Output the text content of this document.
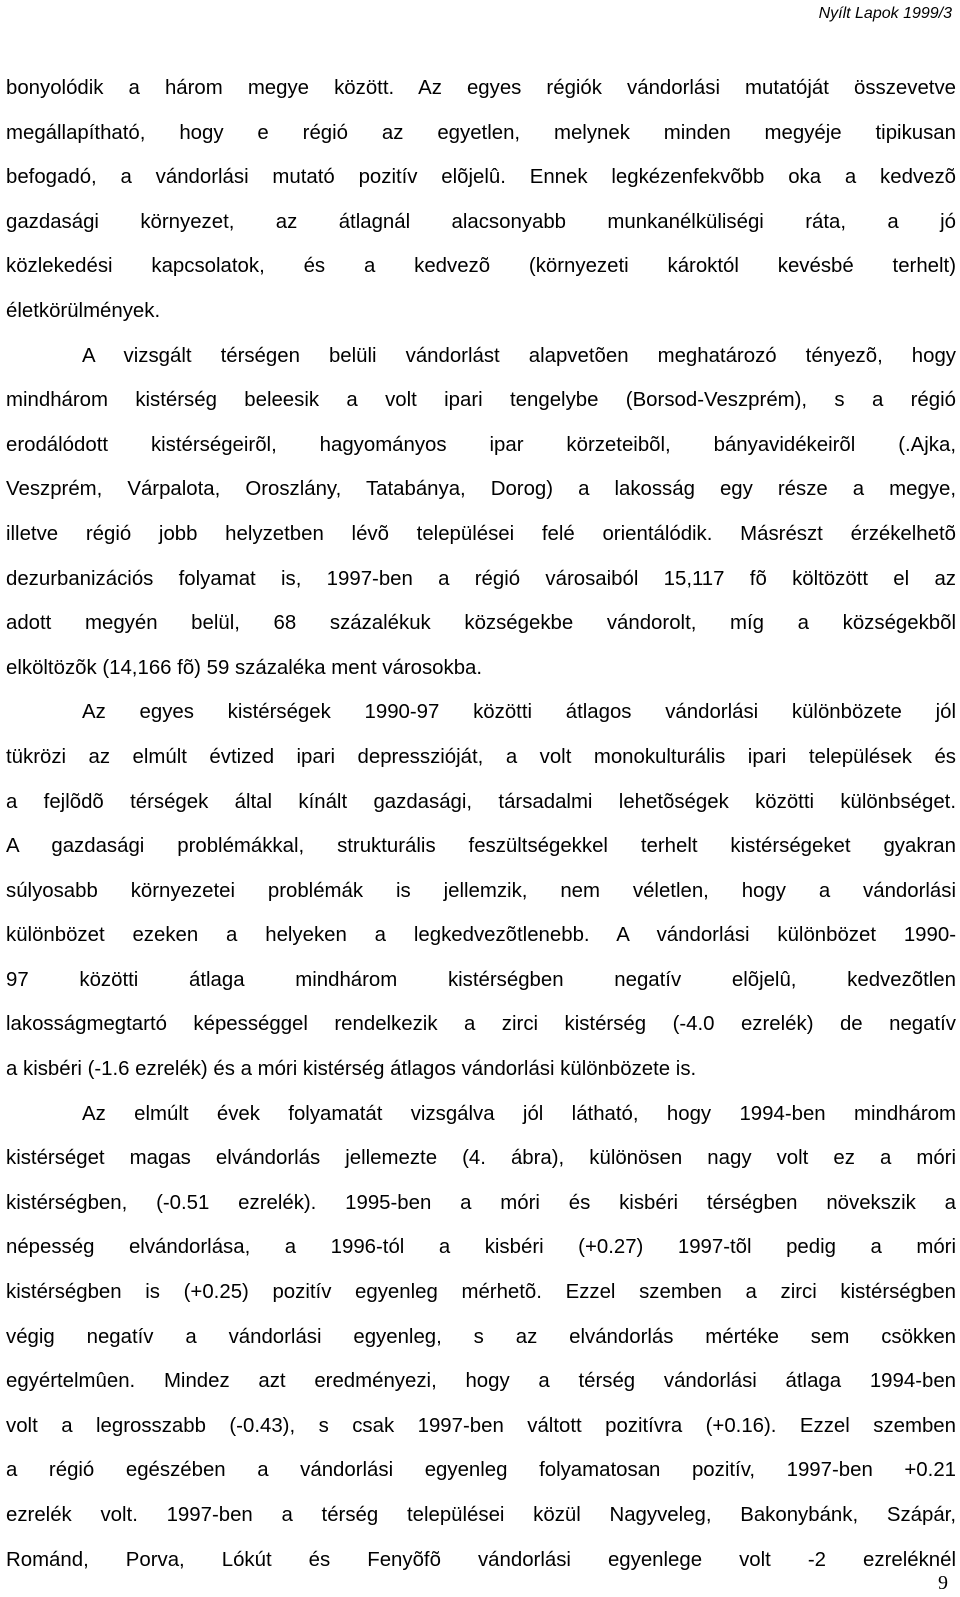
Nyílt Lapok 1999/3
bonyolódik a három megye között. Az egyes régiók vándorlási mutatóját összevetve
megállapítható, hogy e régió az egyetlen, melynek minden megyéje tipikusan
befogadó, a vándorlási mutató pozitív elõjelû. Ennek legkézenfekvõbb oka a kedvezõ
gazdasági környezet, az átlagnál alacsonyabb munkanélküliségi ráta, a jó
közlekedési kapcsolatok, és a kedvezõ (környezeti károktól kevésbé terhelt)
életkörülmények.
A vizsgált térségen belüli vándorlást alapvetõen meghatározó tényezõ, hogy
mindhárom kistérség beleesik a volt ipari tengelybe (Borsod-Veszprém), s a régió
erodálódott kistérségeirõl, hagyományos ipar körzeteibõl, bányavidékeirõl (.Ajka,
Veszprém, Várpalota, Oroszlány, Tatabánya, Dorog) a lakosság egy része a megye,
illetve régió jobb helyzetben lévõ települései felé orientálódik. Másrészt érzékelhetõ
dezurbanizációs folyamat is, 1997-ben a régió városaiból 15,117 fõ költözött el az
adott megyén belül, 68 százalékuk községekbe vándorolt, míg a községekbõl
elköltözõk (14,166 fõ) 59 százaléka ment városokba.
Az egyes kistérségek 1990-97 közötti átlagos vándorlási különbözete jól
tükrözi az elmúlt évtized ipari depresszióját, a volt monokulturális ipari települések és
a fejlõdõ térségek által kínált gazdasági, társadalmi lehetõségek közötti különbséget.
A gazdasági problémákkal, strukturális feszültségekkel terhelt kistérségeket gyakran
súlyosabb környezetei problémák is jellemzik, nem véletlen, hogy a vándorlási
különbözet ezeken a helyeken a legkedvezõtlenebb. A vándorlási különbözet 1990-
97 közötti átlaga mindhárom kistérségben negatív elõjelû, kedvezõtlen
lakosságmegtartó képességgel rendelkezik a zirci kistérség (-4.0 ezrelék) de negatív
a kisbéri (-1.6 ezrelék) és a móri kistérség átlagos vándorlási különbözete is.
Az elmúlt évek folyamatát vizsgálva jól látható, hogy 1994-ben mindhárom
kistérséget magas elvándorlás jellemezte (4. ábra), különösen nagy volt ez a móri
kistérségben, (-0.51 ezrelék). 1995-ben a móri és kisbéri térségben növekszik a
népesség elvándorlása, a 1996-tól a kisbéri (+0.27) 1997-tõl pedig a móri
kistérségben is (+0.25) pozitív egyenleg mérhetõ. Ezzel szemben a zirci kistérségben
végig negatív a vándorlási egyenleg, s az elvándorlás mértéke sem csökken
egyértelmûen. Mindez azt eredményezi, hogy a térség vándorlási átlaga 1994-ben
volt a legrosszabb (-0.43), s csak 1997-ben váltott pozitívra (+0.16). Ezzel szemben
a régió egészében a vándorlási egyenleg folyamatosan pozitív, 1997-ben +0.21
ezrelék volt. 1997-ben a térség települései közül Nagyveleg, Bakonybánk, Szápár,
Románd, Porva, Lókút és Fenyõfõ vándorlási egyenlege volt -2 ezreléknél
9
